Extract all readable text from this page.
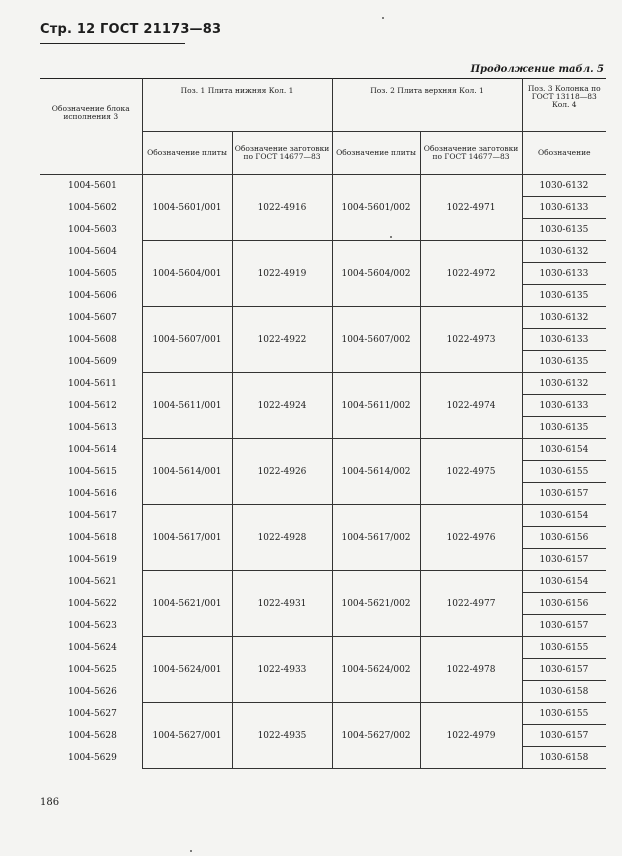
Стр. 12 ГОСТ 21173—83
Продолжение табл. 5
Обозначение блока исполнения 3	Поз. 1 Плита нижняя Кол. 1		Поз. 2 Плита верхняя Кол. 1		Поз. 3 Колонка по ГОСТ 13118—83 Кол. 4
	Обозначение плиты	Обозначение заготовки по ГОСТ 14677—83	Обозначение плиты	Обозначение заготовки по ГОСТ 14677—83	Обозначение
1004-5601	1004-5601/001	1022-4916	1004-5601/002	1022-4971	1030-6132
1004-5602					1030-6133
1004-5603					1030-6135
1004-5604	1004-5604/001	1022-4919	1004-5604/002	1022-4972	1030-6132
1004-5605					1030-6133
1004-5606					1030-6135
1004-5607	1004-5607/001	1022-4922	1004-5607/002	1022-4973	1030-6132
1004-5608					1030-6133
1004-5609					1030-6135
1004-5611	1004-5611/001	1022-4924	1004-5611/002	1022-4974	1030-6132
1004-5612					1030-6133
1004-5613					1030-6135
1004-5614	1004-5614/001	1022-4926	1004-5614/002	1022-4975	1030-6154
1004-5615					1030-6155
1004-5616					1030-6157
1004-5617	1004-5617/001	1022-4928	1004-5617/002	1022-4976	1030-6154
1004-5618					1030-6156
1004-5619					1030-6157
1004-5621	1004-5621/001	1022-4931	1004-5621/002	1022-4977	1030-6154
1004-5622					1030-6156
1004-5623					1030-6157
1004-5624	1004-5624/001	1022-4933	1004-5624/002	1022-4978	1030-6155
1004-5625					1030-6157
1004-5626					1030-6158
1004-5627	1004-5627/001	1022-4935	1004-5627/002	1022-4979	1030-6155
1004-5628					1030-6157
1004-5629					1030-6158
186
